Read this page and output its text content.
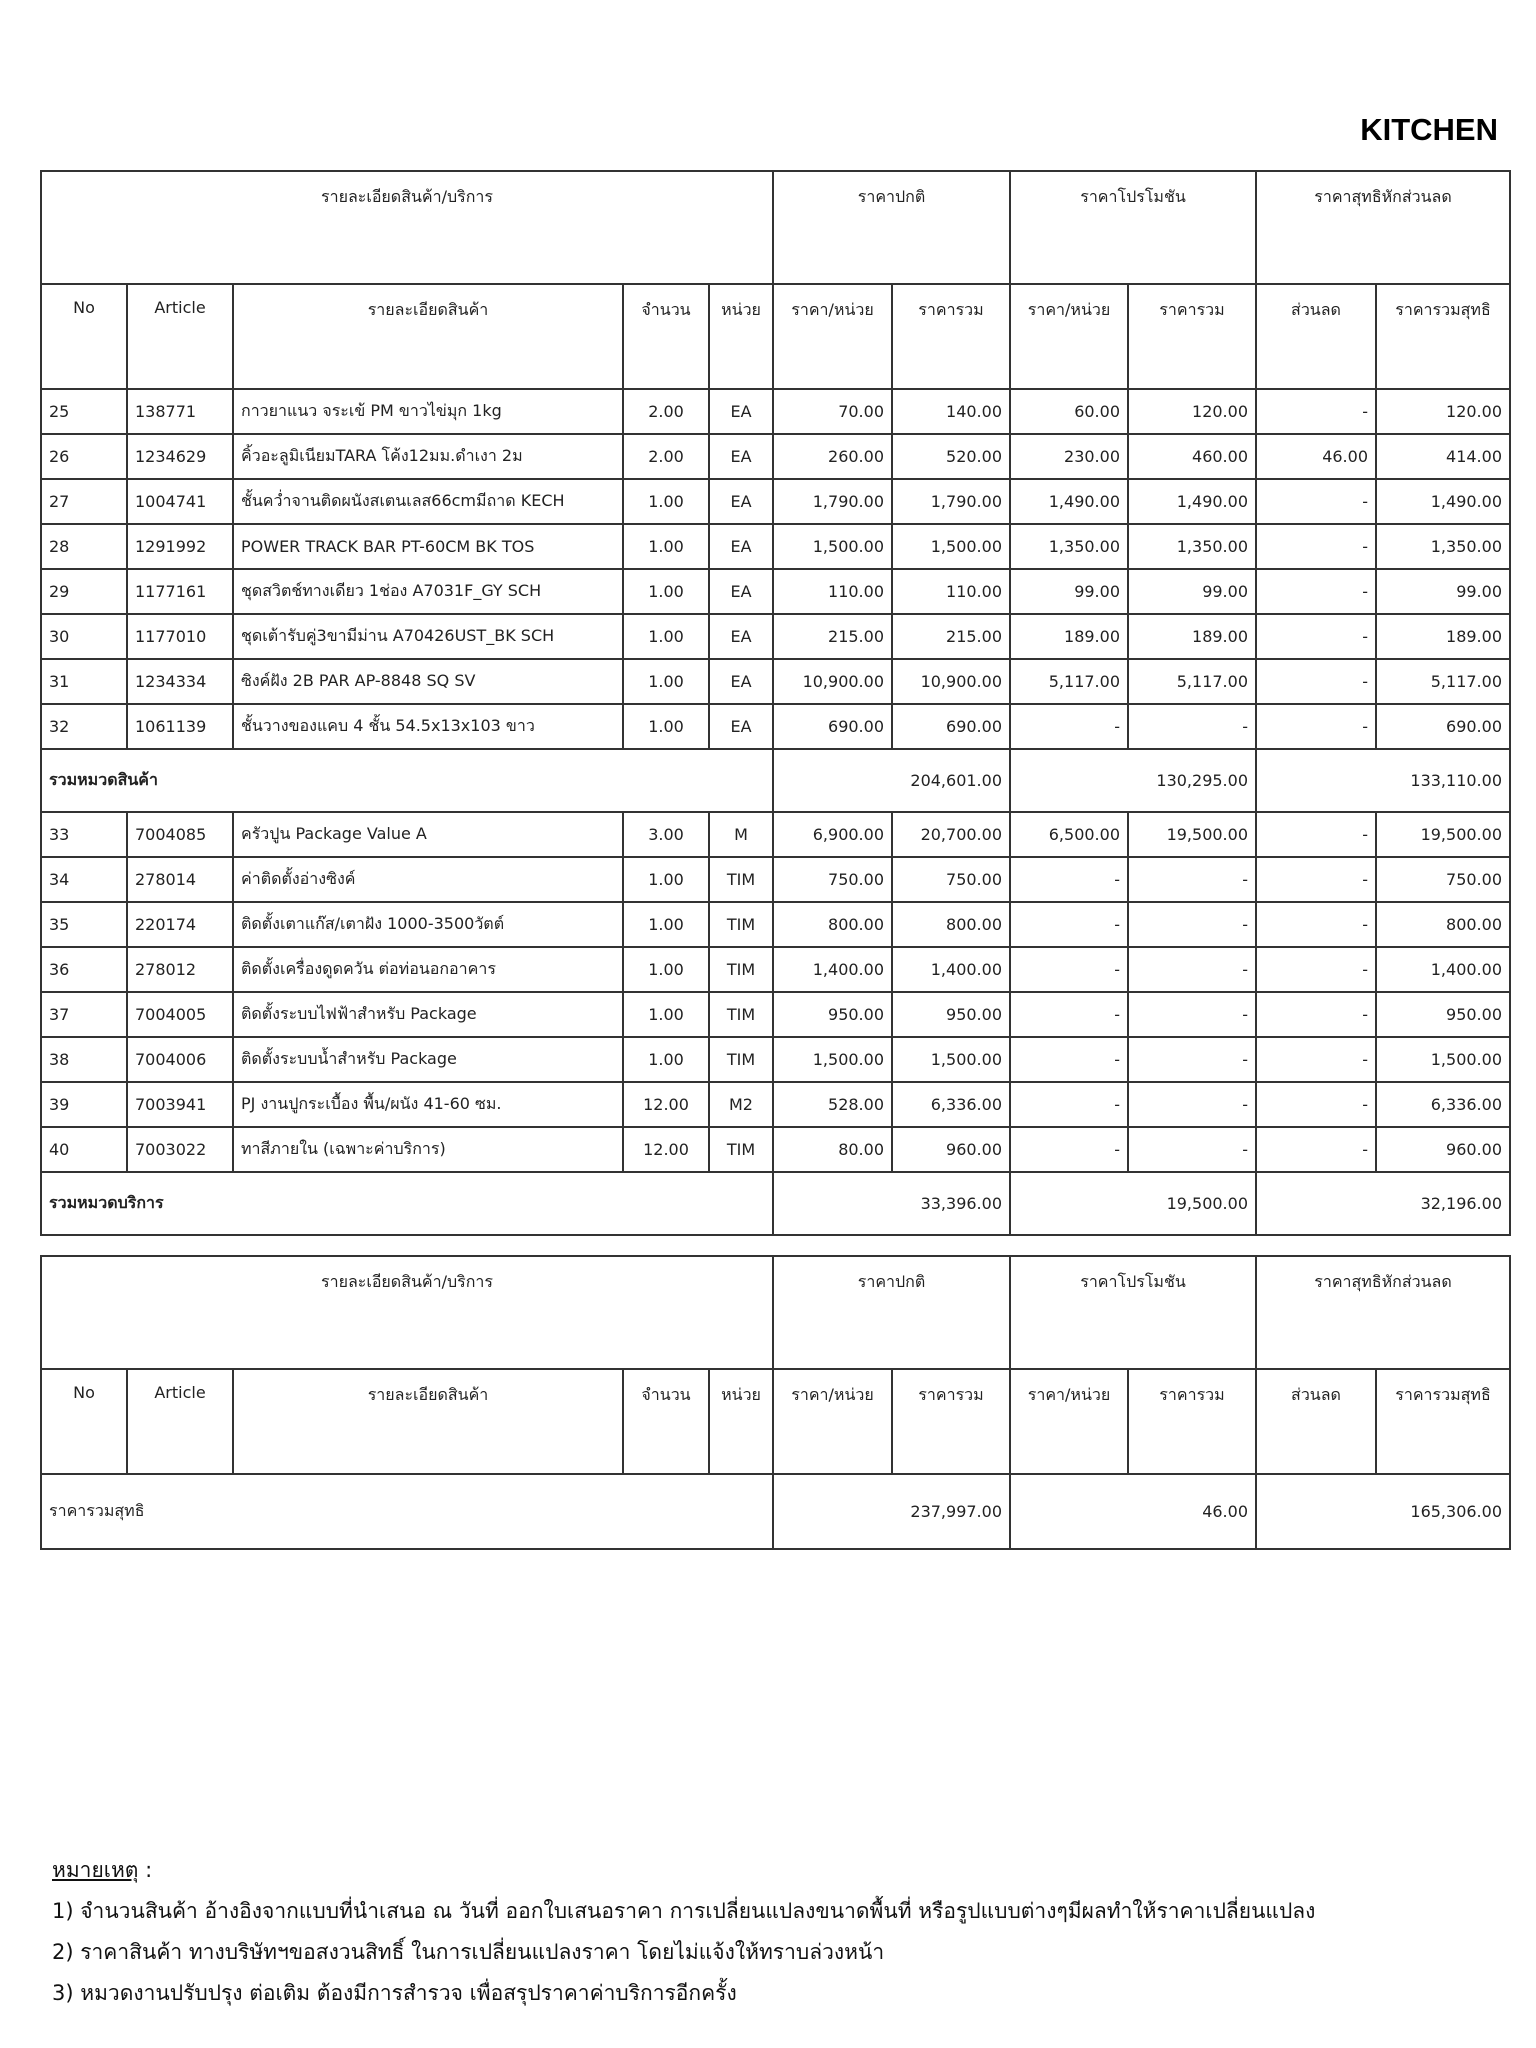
KITCHEN
รายละเอียดสินค้า/บริการ					ราคาปกติ		ราคาโปรโมชัน		ราคาสุทธิหักส่วนลด	
No	Article	รายละเอียดสินค้า	จำนวน	หน่วย	ราคา/หน่วย	ราคารวม	ราคา/หน่วย	ราคารวม	ส่วนลด	ราคารวมสุทธิ
25	138771	กาวยาแนว จระเข้ PM ขาวไข่มุก 1kg	2.00	EA	70.00	140.00	60.00	120.00	-	120.00
26	1234629	คิ้วอะลูมิเนียมTARA โค้ง12มม.ดำเงา 2ม	2.00	EA	260.00	520.00	230.00	460.00	46.00	414.00
27	1004741	ชั้นคว่ำจานติดผนังสเตนเลส66cmมีถาด KECH	1.00	EA	1,790.00	1,790.00	1,490.00	1,490.00	-	1,490.00
28	1291992	POWER TRACK BAR PT-60CM BK TOS	1.00	EA	1,500.00	1,500.00	1,350.00	1,350.00	-	1,350.00
29	1177161	ชุดสวิตช์ทางเดียว 1ช่อง A7031F_GY SCH	1.00	EA	110.00	110.00	99.00	99.00	-	99.00
30	1177010	ชุดเต้ารับคู่3ขามีม่าน A70426UST_BK SCH	1.00	EA	215.00	215.00	189.00	189.00	-	189.00
31	1234334	ซิงค์ฝัง 2B PAR AP-8848 SQ SV	1.00	EA	10,900.00	10,900.00	5,117.00	5,117.00	-	5,117.00
32	1061139	ชั้นวางของแคบ 4 ชั้น 54.5x13x103 ขาว	1.00	EA	690.00	690.00	-	-	-	690.00
รวมหมวดสินค้า					204,601.00		130,295.00		133,110.00	
33	7004085	ครัวปูน Package Value A	3.00	M	6,900.00	20,700.00	6,500.00	19,500.00	-	19,500.00
34	278014	ค่าติดตั้งอ่างซิงค์	1.00	TIM	750.00	750.00	-	-	-	750.00
35	220174	ติดตั้งเตาแก๊ส/เตาฝัง 1000-3500วัตต์	1.00	TIM	800.00	800.00	-	-	-	800.00
36	278012	ติดตั้งเครื่องดูดควัน ต่อท่อนอกอาคาร	1.00	TIM	1,400.00	1,400.00	-	-	-	1,400.00
37	7004005	ติดตั้งระบบไฟฟ้าสำหรับ Package	1.00	TIM	950.00	950.00	-	-	-	950.00
38	7004006	ติดตั้งระบบน้ำสำหรับ Package	1.00	TIM	1,500.00	1,500.00	-	-	-	1,500.00
39	7003941	PJ งานปูกระเบื้อง พื้น/ผนัง 41-60 ซม.	12.00	M2	528.00	6,336.00	-	-	-	6,336.00
40	7003022	ทาสีภายใน (เฉพาะค่าบริการ)	12.00	TIM	80.00	960.00	-	-	-	960.00
รวมหมวดบริการ					33,396.00		19,500.00		32,196.00	
รายละเอียดสินค้า/บริการ					ราคาปกติ		ราคาโปรโมชัน		ราคาสุทธิหักส่วนลด	
No	Article	รายละเอียดสินค้า	จำนวน	หน่วย	ราคา/หน่วย	ราคารวม	ราคา/หน่วย	ราคารวม	ส่วนลด	ราคารวมสุทธิ
ราคารวมสุทธิ					237,997.00		46.00		165,306.00	
หมายเหตุ :
1) จำนวนสินค้า อ้างอิงจากแบบที่นำเสนอ ณ วันที่ ออกใบเสนอราคา การเปลี่ยนแปลงขนาดพื้นที่ หรือรูปแบบต่างๆมีผลทำให้ราคาเปลี่ยนแปลง
2) ราคาสินค้า ทางบริษัทฯขอสงวนสิทธิ์ ในการเปลี่ยนแปลงราคา โดยไม่แจ้งให้ทราบล่วงหน้า
3) หมวดงานปรับปรุง ต่อเติม ต้องมีการสำรวจ เพื่อสรุปราคาค่าบริการอีกครั้ง
